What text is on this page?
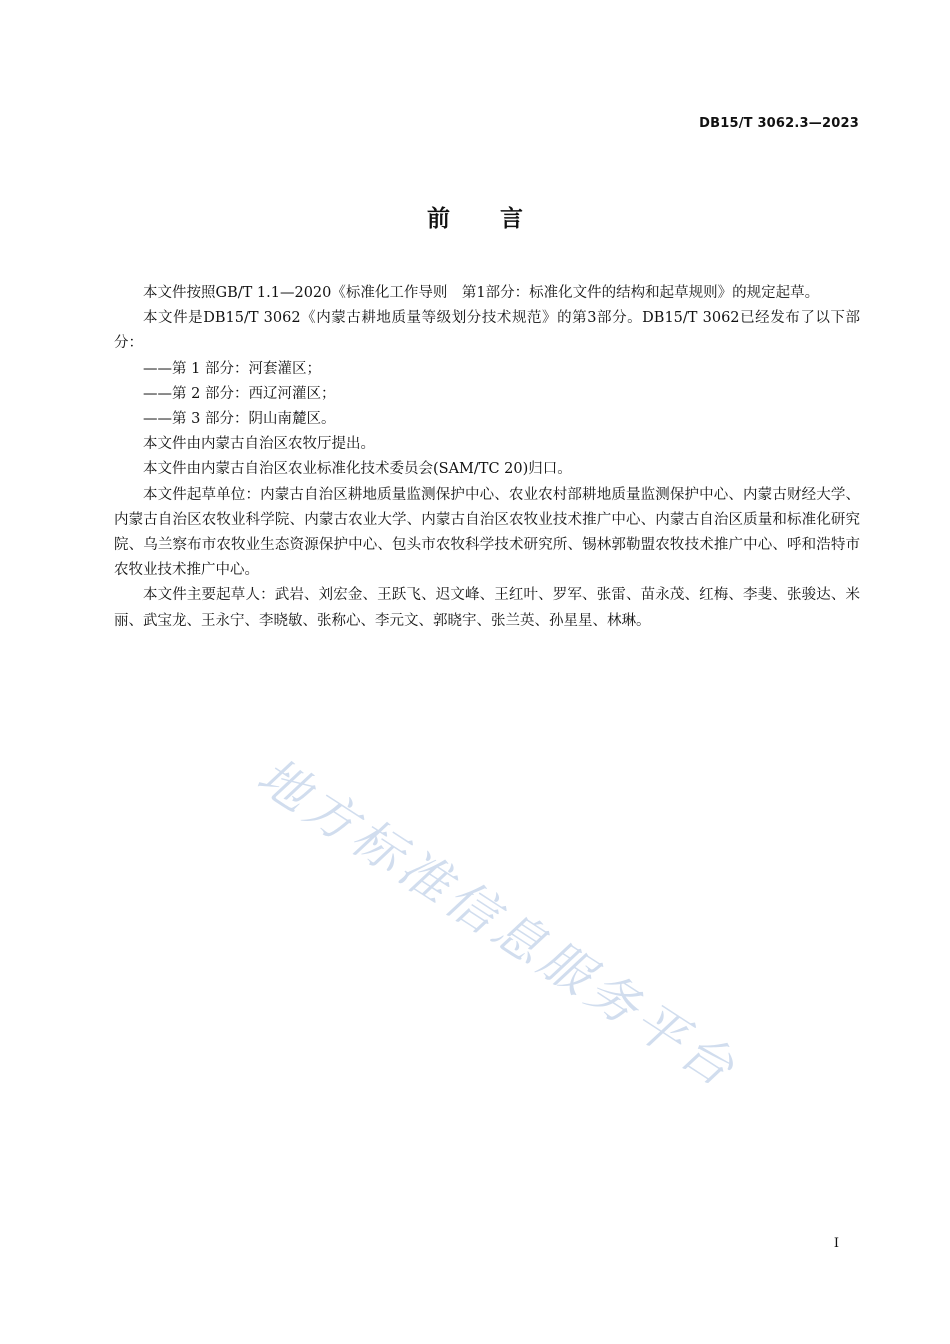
DB15/T 3062.3—2023
前言

本文件按照GB/T 1.1—2020《标准化工作导则　第1部分：标准化文件的结构和起草规则》的规定起草。

本文件是DB15/T 3062《内蒙古耕地质量等级划分技术规范》的第3部分。DB15/T 3062已经发布了以下部分：

——第 1 部分：河套灌区；

——第 2 部分：西辽河灌区；

——第 3 部分：阴山南麓区。

本文件由内蒙古自治区农牧厅提出。

本文件由内蒙古自治区农业标准化技术委员会(SAM/TC 20)归口。

本文件起草单位：内蒙古自治区耕地质量监测保护中心、农业农村部耕地质量监测保护中心、内蒙古财经大学、内蒙古自治区农牧业科学院、内蒙古农业大学、内蒙古自治区农牧业技术推广中心、内蒙古自治区质量和标准化研究院、乌兰察布市农牧业生态资源保护中心、包头市农牧科学技术研究所、锡林郭勒盟农牧技术推广中心、呼和浩特市农牧业技术推广中心。

本文件主要起草人：武岩、刘宏金、王跃飞、迟文峰、王红叶、罗军、张雷、苗永茂、红梅、李斐、张骏达、米丽、武宝龙、王永宁、李晓敏、张称心、李元文、郭晓宇、张兰英、孙星星、林琳。

地方标准信息服务平台
I
